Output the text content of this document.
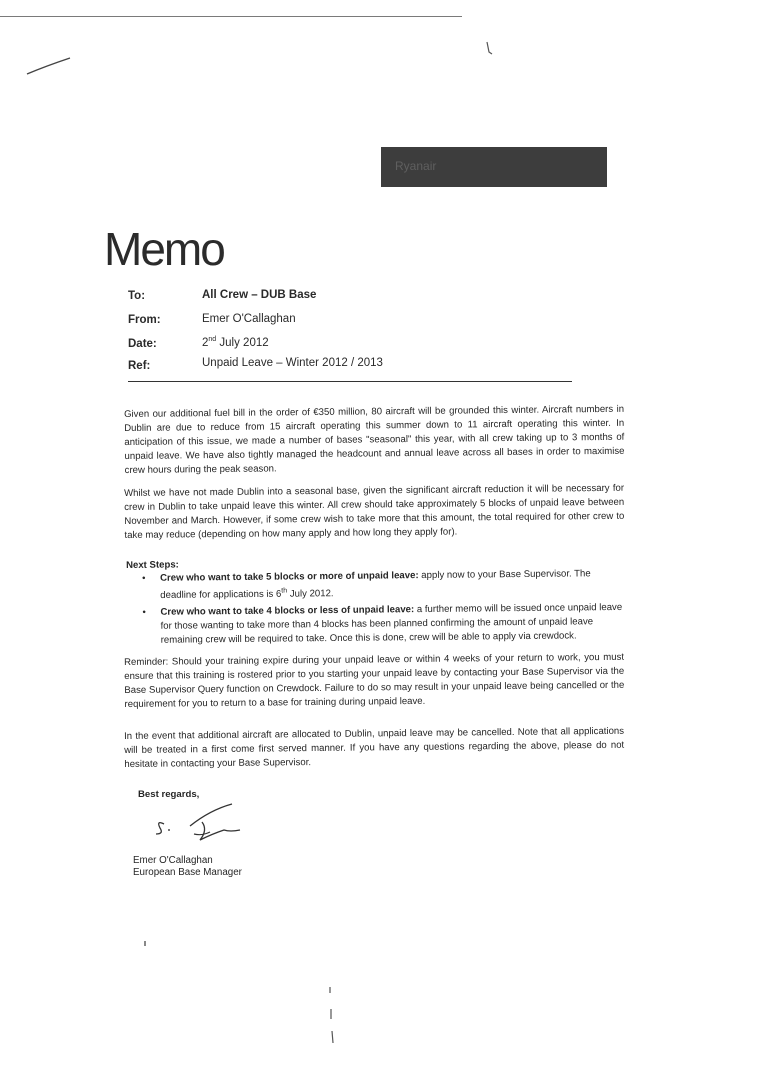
Ryanair
Memo
To:	All Crew – DUB Base
From:	Emer O'Callaghan
Date:	2nd July 2012
Ref:	Unpaid Leave – Winter 2012 / 2013
Given our additional fuel bill in the order of €350 million, 80 aircraft will be grounded this winter. Aircraft numbers in Dublin are due to reduce from 15 aircraft operating this summer down to 11 aircraft operating this winter. In anticipation of this issue, we made a number of bases "seasonal" this year, with all crew taking up to 3 months of unpaid leave. We have also tightly managed the headcount and annual leave across all bases in order to maximise crew hours during the peak season.
Whilst we have not made Dublin into a seasonal base, given the significant aircraft reduction it will be necessary for crew in Dublin to take unpaid leave this winter. All crew should take approximately 5 blocks of unpaid leave between November and March. However, if some crew wish to take more that this amount, the total required for other crew to take may reduce (depending on how many apply and how long they apply for).
Next Steps:
• Crew who want to take 5 blocks or more of unpaid leave: apply now to your Base Supervisor. The deadline for applications is 6th July 2012.
• Crew who want to take 4 blocks or less of unpaid leave: a further memo will be issued once unpaid leave for those wanting to take more than 4 blocks has been planned confirming the amount of unpaid leave remaining crew will be required to take. Once this is done, crew will be able to apply via crewdock.
Reminder: Should your training expire during your unpaid leave or within 4 weeks of your return to work, you must ensure that this training is rostered prior to you starting your unpaid leave by contacting your Base Supervisor via the Base Supervisor Query function on Crewdock. Failure to do so may result in your unpaid leave being cancelled or the requirement for you to return to a base for training during unpaid leave.
In the event that additional aircraft are allocated to Dublin, unpaid leave may be cancelled. Note that all applications will be treated in a first come first served manner. If you have any questions regarding the above, please do not hesitate in contacting your Base Supervisor.
Best regards,
Emer O'Callaghan
European Base Manager
